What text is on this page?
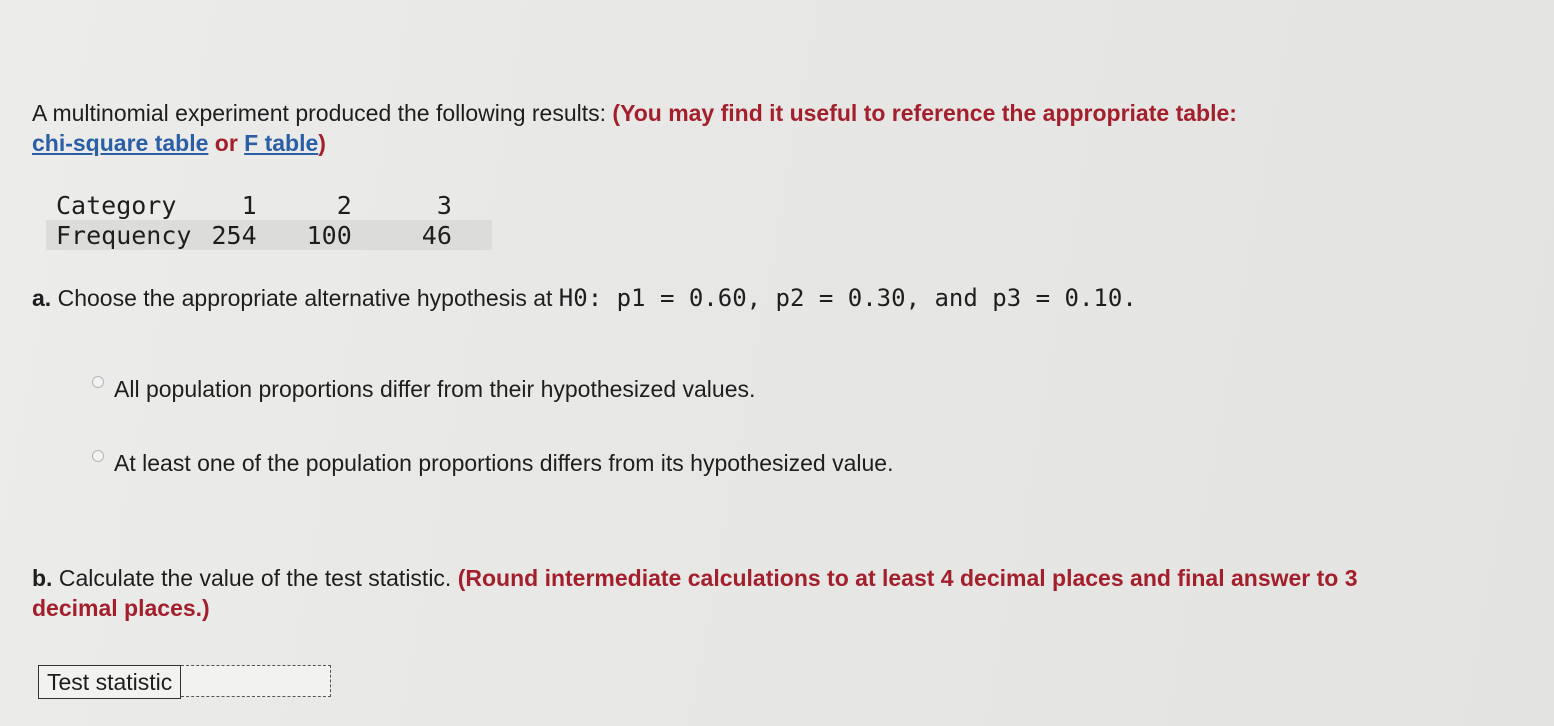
A multinomial experiment produced the following results: (You may find it useful to reference the appropriate table:
chi-square table or F table)
Category	1	2	3
Frequency	254	100	46
a. Choose the appropriate alternative hypothesis at H0: p1 = 0.60, p2 = 0.30, and p3 = 0.10.
All population proportions differ from their hypothesized values.
At least one of the population proportions differs from its hypothesized value.
b. Calculate the value of the test statistic. (Round intermediate calculations to at least 4 decimal places and final answer to 3 decimal places.)
Test statistic
